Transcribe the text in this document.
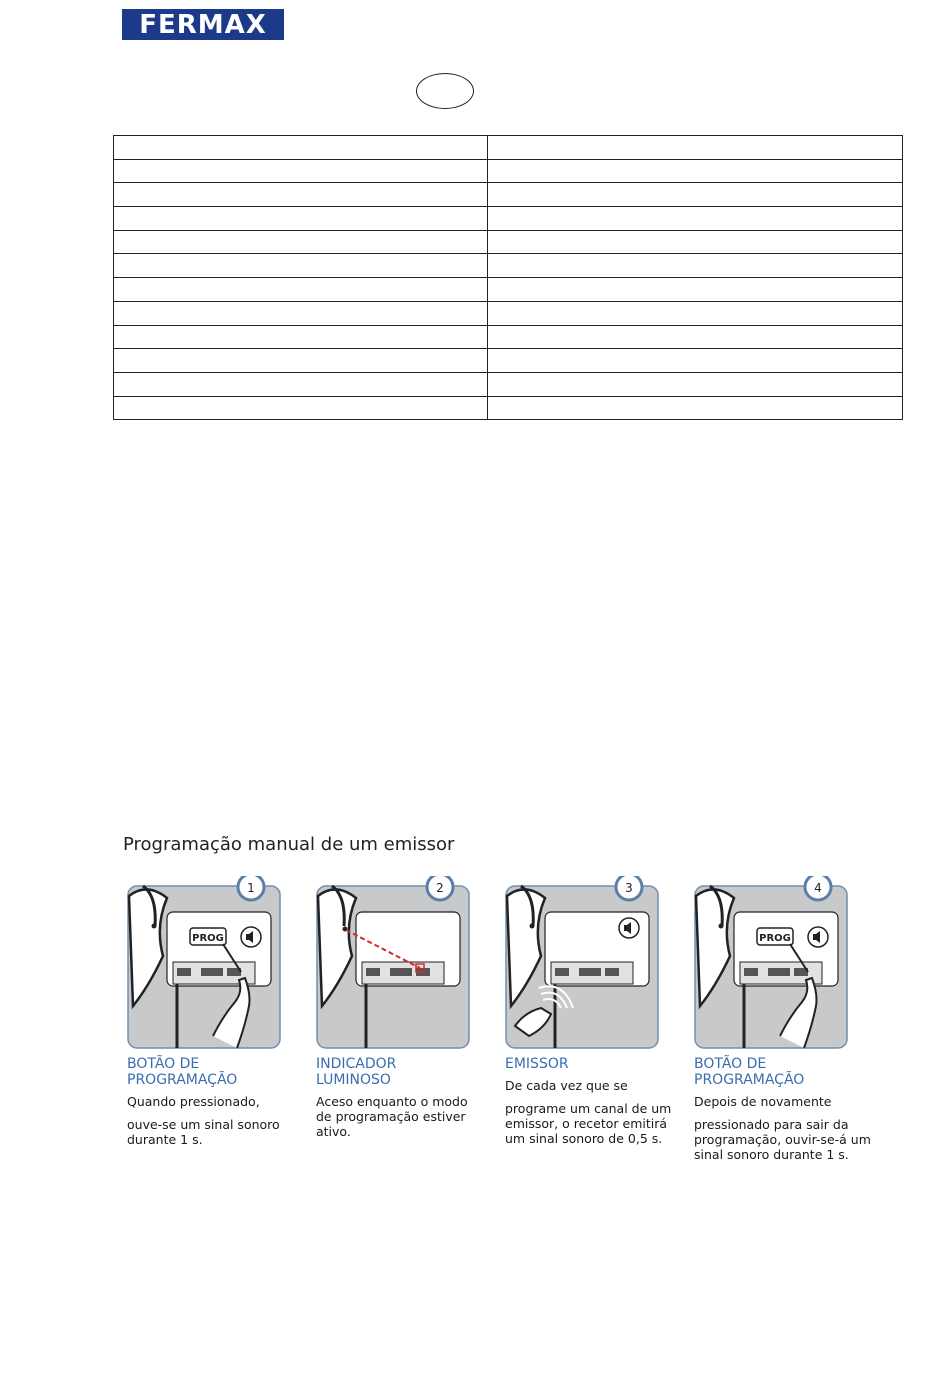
FERMAX

Programação manual de um emissor
PROG
1
BOTÃO DE
PROGRAMAÇÃO
Quando pressionado,
ouve-se um sinal sonoro
durante 1 s.
2
INDICADOR
LUMINOSO
Aceso enquanto o modo
de programação estiver
ativo.
3
EMISSOR
De cada vez que se
programe um canal de um
emissor, o recetor emitirá
um sinal sonoro de 0,5 s.
PROG
4
BOTÃO DE
PROGRAMAÇÃO
Depois de novamente
pressionado para sair da
programação, ouvir-se-á um
sinal sonoro durante 1 s.
